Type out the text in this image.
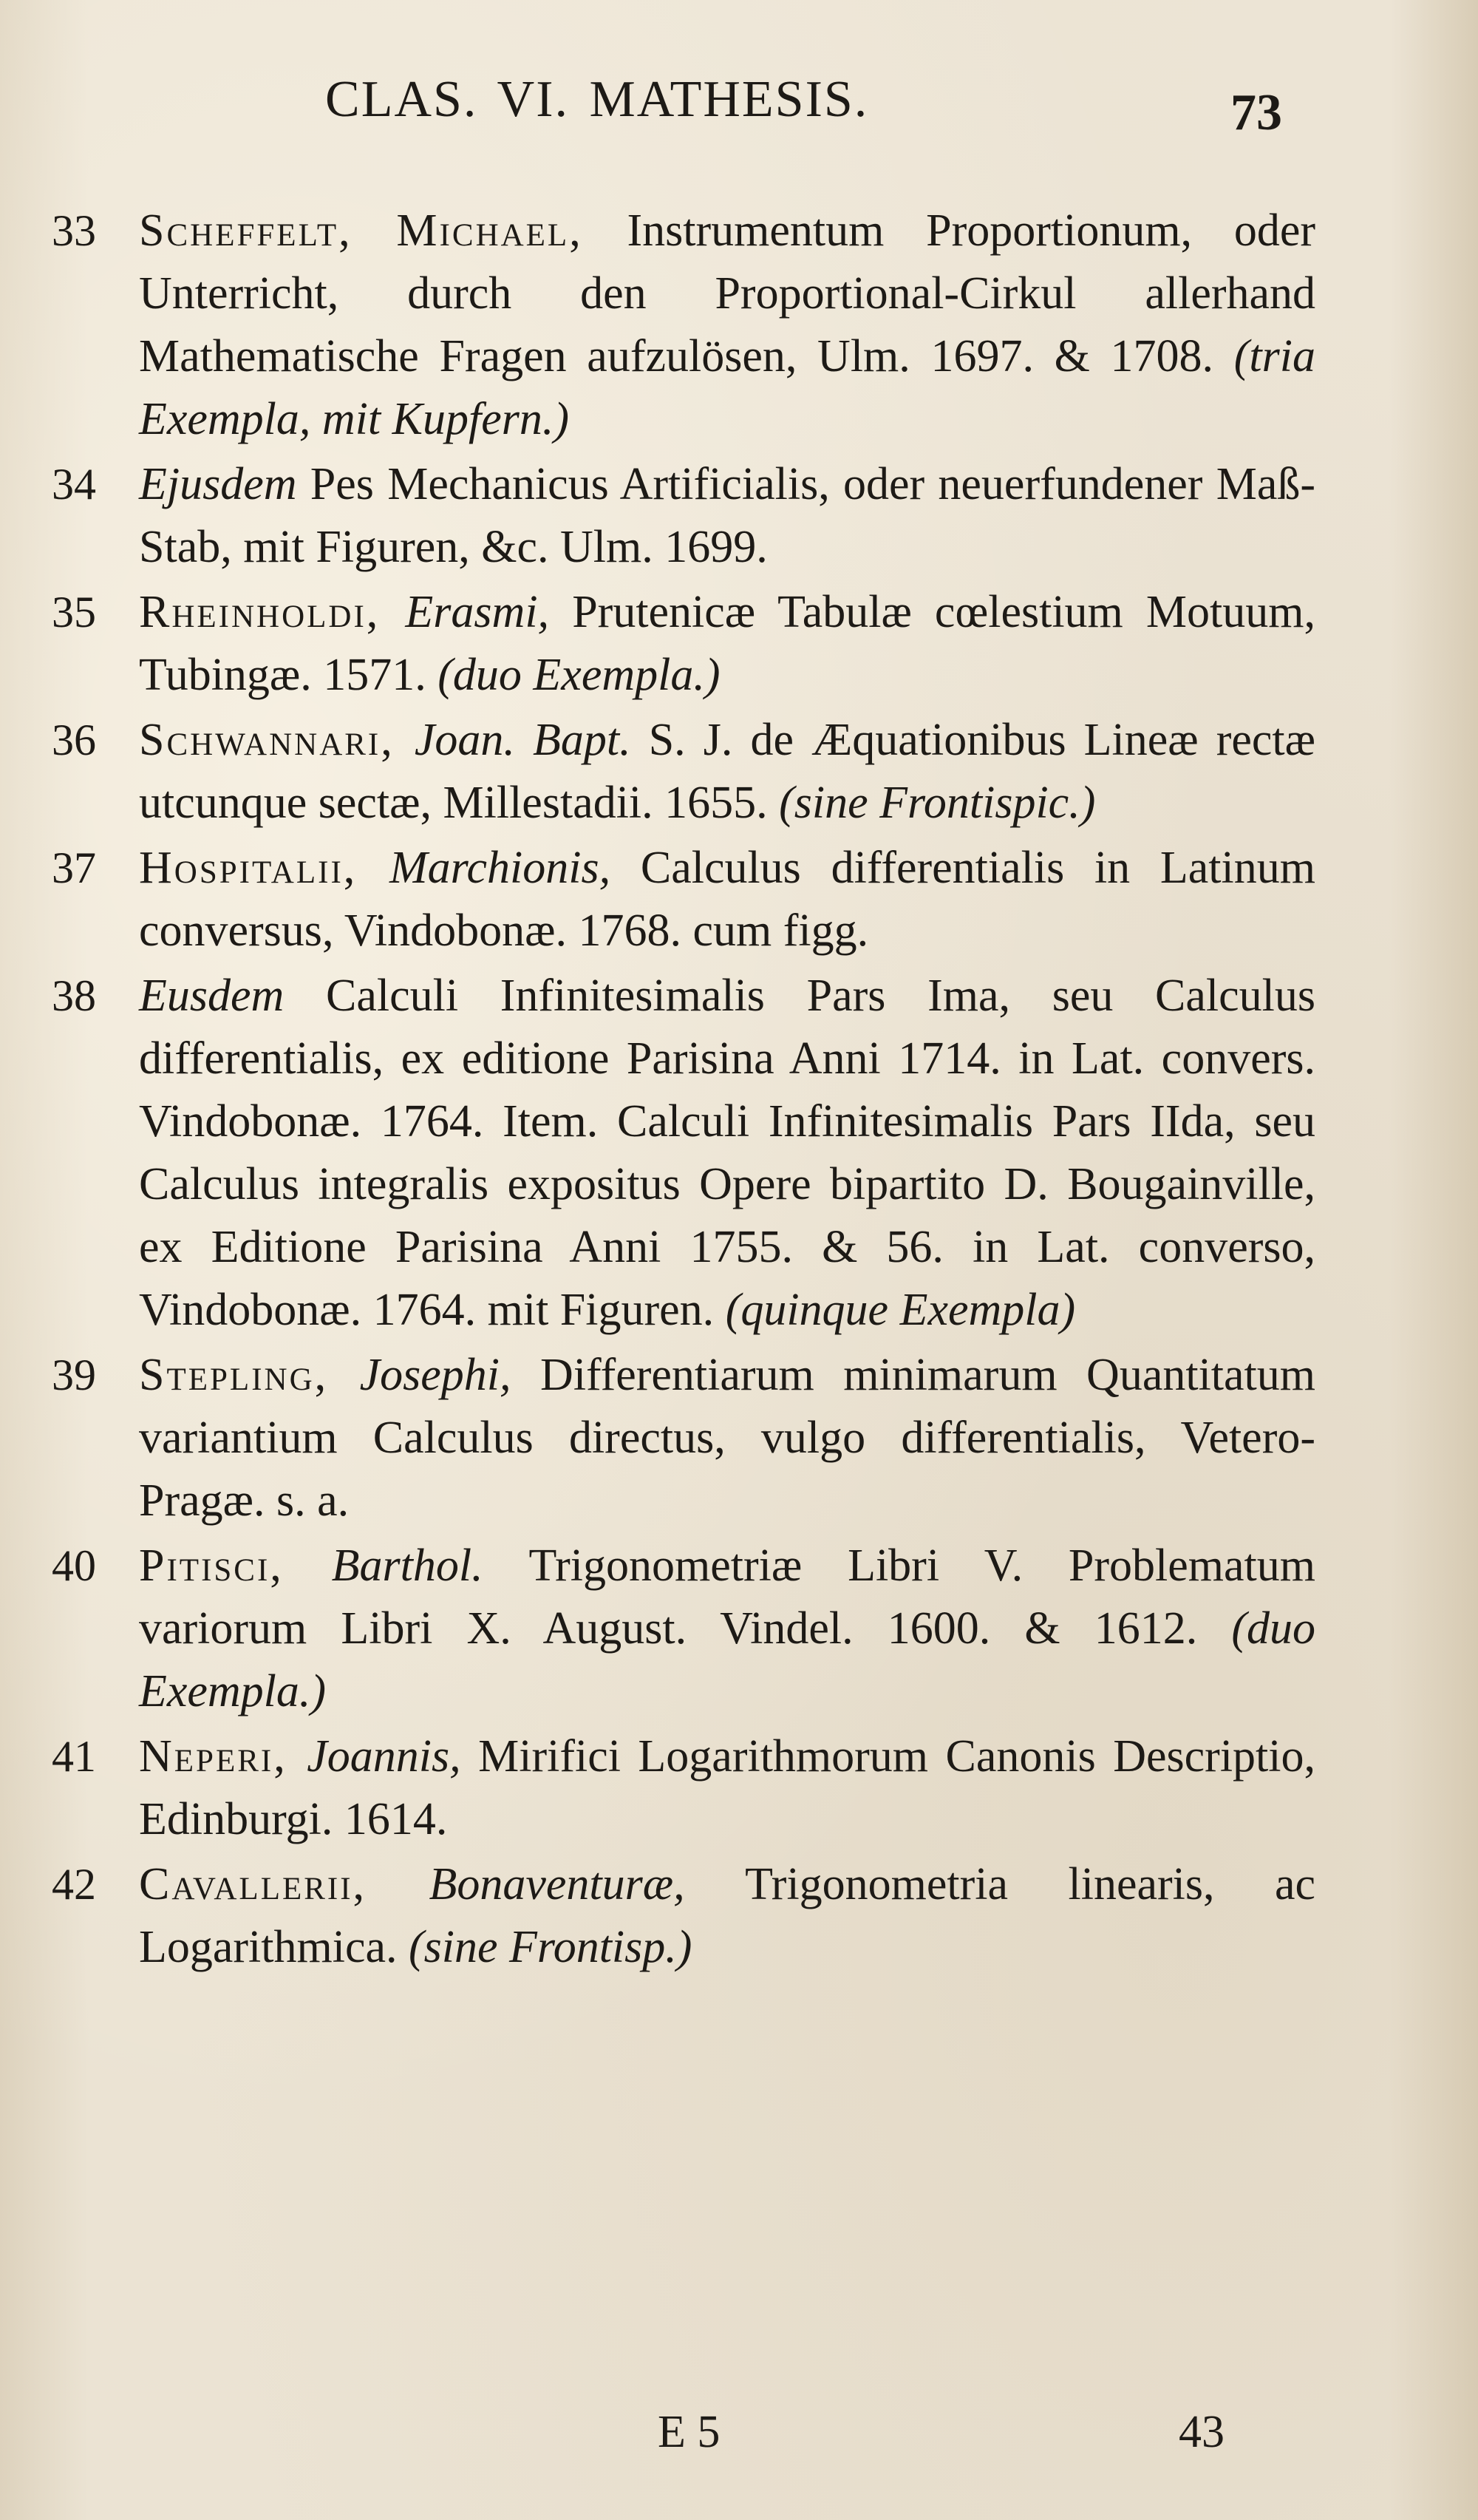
CLAS. VI. MATHESIS.	73
33 Scheffelt, Michael, Instrumentum Proportionum, oder Unterricht, durch den Proportional-Cirkul allerhand Mathematische Fragen aufzulösen, Ulm. 1697. & 1708. (tria Exempla, mit Kupfern.)
34 Ejusdem Pes Mechanicus Artificialis, oder neuerfundener Maß-Stab, mit Figuren, &c. Ulm. 1699.
35 Rheinholdi, Erasmi, Prutenicæ Tabulæ cœlestium Motuum, Tubingæ. 1571. (duo Exempla.)
36 Schwannari, Joan. Bapt. S. J. de Æquationibus Lineæ rectæ utcunque sectæ, Millestadii. 1655. (sine Frontispic.)
37 Hospitalii, Marchionis, Calculus differentialis in Latinum conversus, Vindobonæ. 1768. cum figg.
38 Eusdem Calculi Infinitesimalis Pars Ima, seu Calculus differentialis, ex editione Parisina Anni 1714. in Lat. convers. Vindobonæ. 1764. Item. Calculi Infinitesimalis Pars IIda, seu Calculus integralis expositus Opere bipartito D. Bougainville, ex Editione Parisina Anni 1755. & 56. in Lat. converso, Vindobonæ. 1764. mit Figuren. (quinque Exempla)
39 Stepling, Josephi, Differentiarum minimarum Quantitatum variantium Calculus directus, vulgo differentialis, Vetero-Pragæ. s. a.
40 Pitisci, Barthol. Trigonometriæ Libri V. Problematum variorum Libri X. August. Vindel. 1600. & 1612. (duo Exempla.)
41 Neperi, Joannis, Mirifici Logarithmorum Canonis Descriptio, Edinburgi. 1614.
42 Cavallerii, Bonaventuræ, Trigonometria linearis, ac Logarithmica. (sine Frontisp.)
E 5	43
